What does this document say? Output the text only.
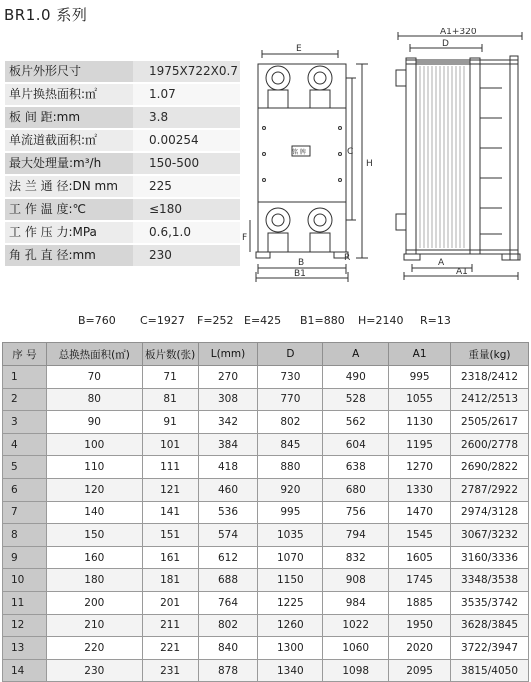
BR1.0 系列
板片外形尺寸	1975X722X0.7
单片换热面积:㎡	1.07
板 间 距:mm	3.8
单流道截面积:㎡	0.00254
最大处理量:m³/h	150-500
法 兰 通 径:DN mm	225
工 作 温 度:℃	≤180
工 作 压 力:MPa	0.6,1.0
角 孔 直 径:mm	230
E
C
H
F
B
B1
R
铭 牌
A1+320
D
A
A1
B=760 C=1927 F=252 E=425 B1=880 H=2140 R=13
序 号	总换热面积(㎡)	板片数(张)	L(mm)	D	A	A1	重量(kg)
1	70	71	270	730	490	995	2318/2412
2	80	81	308	770	528	1055	2412/2513
3	90	91	342	802	562	1130	2505/2617
4	100	101	384	845	604	1195	2600/2778
5	110	111	418	880	638	1270	2690/2822
6	120	121	460	920	680	1330	2787/2922
7	140	141	536	995	756	1470	2974/3128
8	150	151	574	1035	794	1545	3067/3232
9	160	161	612	1070	832	1605	3160/3336
10	180	181	688	1150	908	1745	3348/3538
11	200	201	764	1225	984	1885	3535/3742
12	210	211	802	1260	1022	1950	3628/3845
13	220	221	840	1300	1060	2020	3722/3947
14	230	231	878	1340	1098	2095	3815/4050
